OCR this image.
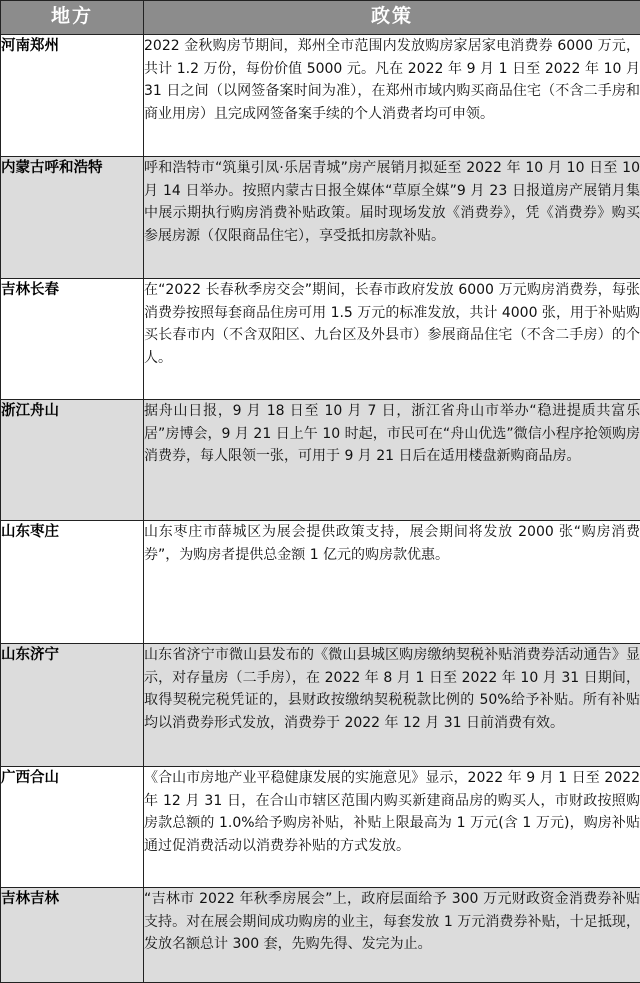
地方	政策
河南郑州	2022 金秋购房节期间，郑州全市范围内发放购房家居家电消费券 6000 万元，共计 1.2 万份，每份价值 5000 元。凡在 2022 年 9 月 1 日至 2022 年 10 月 31 日之间（以网签备案时间为准），在郑州市域内购买商品住宅（不含二手房和商业用房）且完成网签备案手续的个人消费者均可申领。
内蒙古呼和浩特	呼和浩特市“筑巢引凤·乐居青城”房产展销月拟延至 2022 年 10 月 10 日至 10 月 14 日举办。按照内蒙古日报全媒体“草原全媒”9 月 23 日报道房产展销月集中展示期执行购房消费补贴政策。届时现场发放《消费券》，凭《消费券》购买参展房源（仅限商品住宅），享受抵扣房款补贴。
吉林长春	在“2022 长春秋季房交会”期间，长春市政府发放 6000 万元购房消费券，每张消费券按照每套商品住房可用 1.5 万元的标准发放，共计 4000 张，用于补贴购买长春市内（不含双阳区、九台区及外县市）参展商品住宅（不含二手房）的个人。
浙江舟山	据舟山日报，9 月 18 日至 10 月 7 日，浙江省舟山市举办“稳进提质共富乐居”房博会，9 月 21 日上午 10 时起，市民可在“舟山优选”微信小程序抢领购房消费券，每人限领一张，可用于 9 月 21 日后在适用楼盘新购商品房。
山东枣庄	山东枣庄市薛城区为展会提供政策支持，展会期间将发放 2000 张“购房消费券”，为购房者提供总金额 1 亿元的购房款优惠。
山东济宁	山东省济宁市微山县发布的《微山县城区购房缴纳契税补贴消费券活动通告》显示，对存量房（二手房），在 2022 年 8 月 1 日至 2022 年 10 月 31 日期间，取得契税完税凭证的，县财政按缴纳契税税款比例的 50%给予补贴。所有补贴均以消费券形式发放，消费券于 2022 年 12 月 31 日前消费有效。
广西合山	《合山市房地产业平稳健康发展的实施意见》显示，2022 年 9 月 1 日至 2022 年 12 月 31 日，在合山市辖区范围内购买新建商品房的购买人，市财政按照购房款总额的 1.0%给予购房补贴，补贴上限最高为 1 万元(含 1 万元)，购房补贴通过促消费活动以消费券补贴的方式发放。
吉林吉林	“吉林市 2022 年秋季房展会”上，政府层面给予 300 万元财政资金消费券补贴支持。对在展会期间成功购房的业主，每套发放 1 万元消费券补贴，十足抵现，发放名额总计 300 套，先购先得、发完为止。
